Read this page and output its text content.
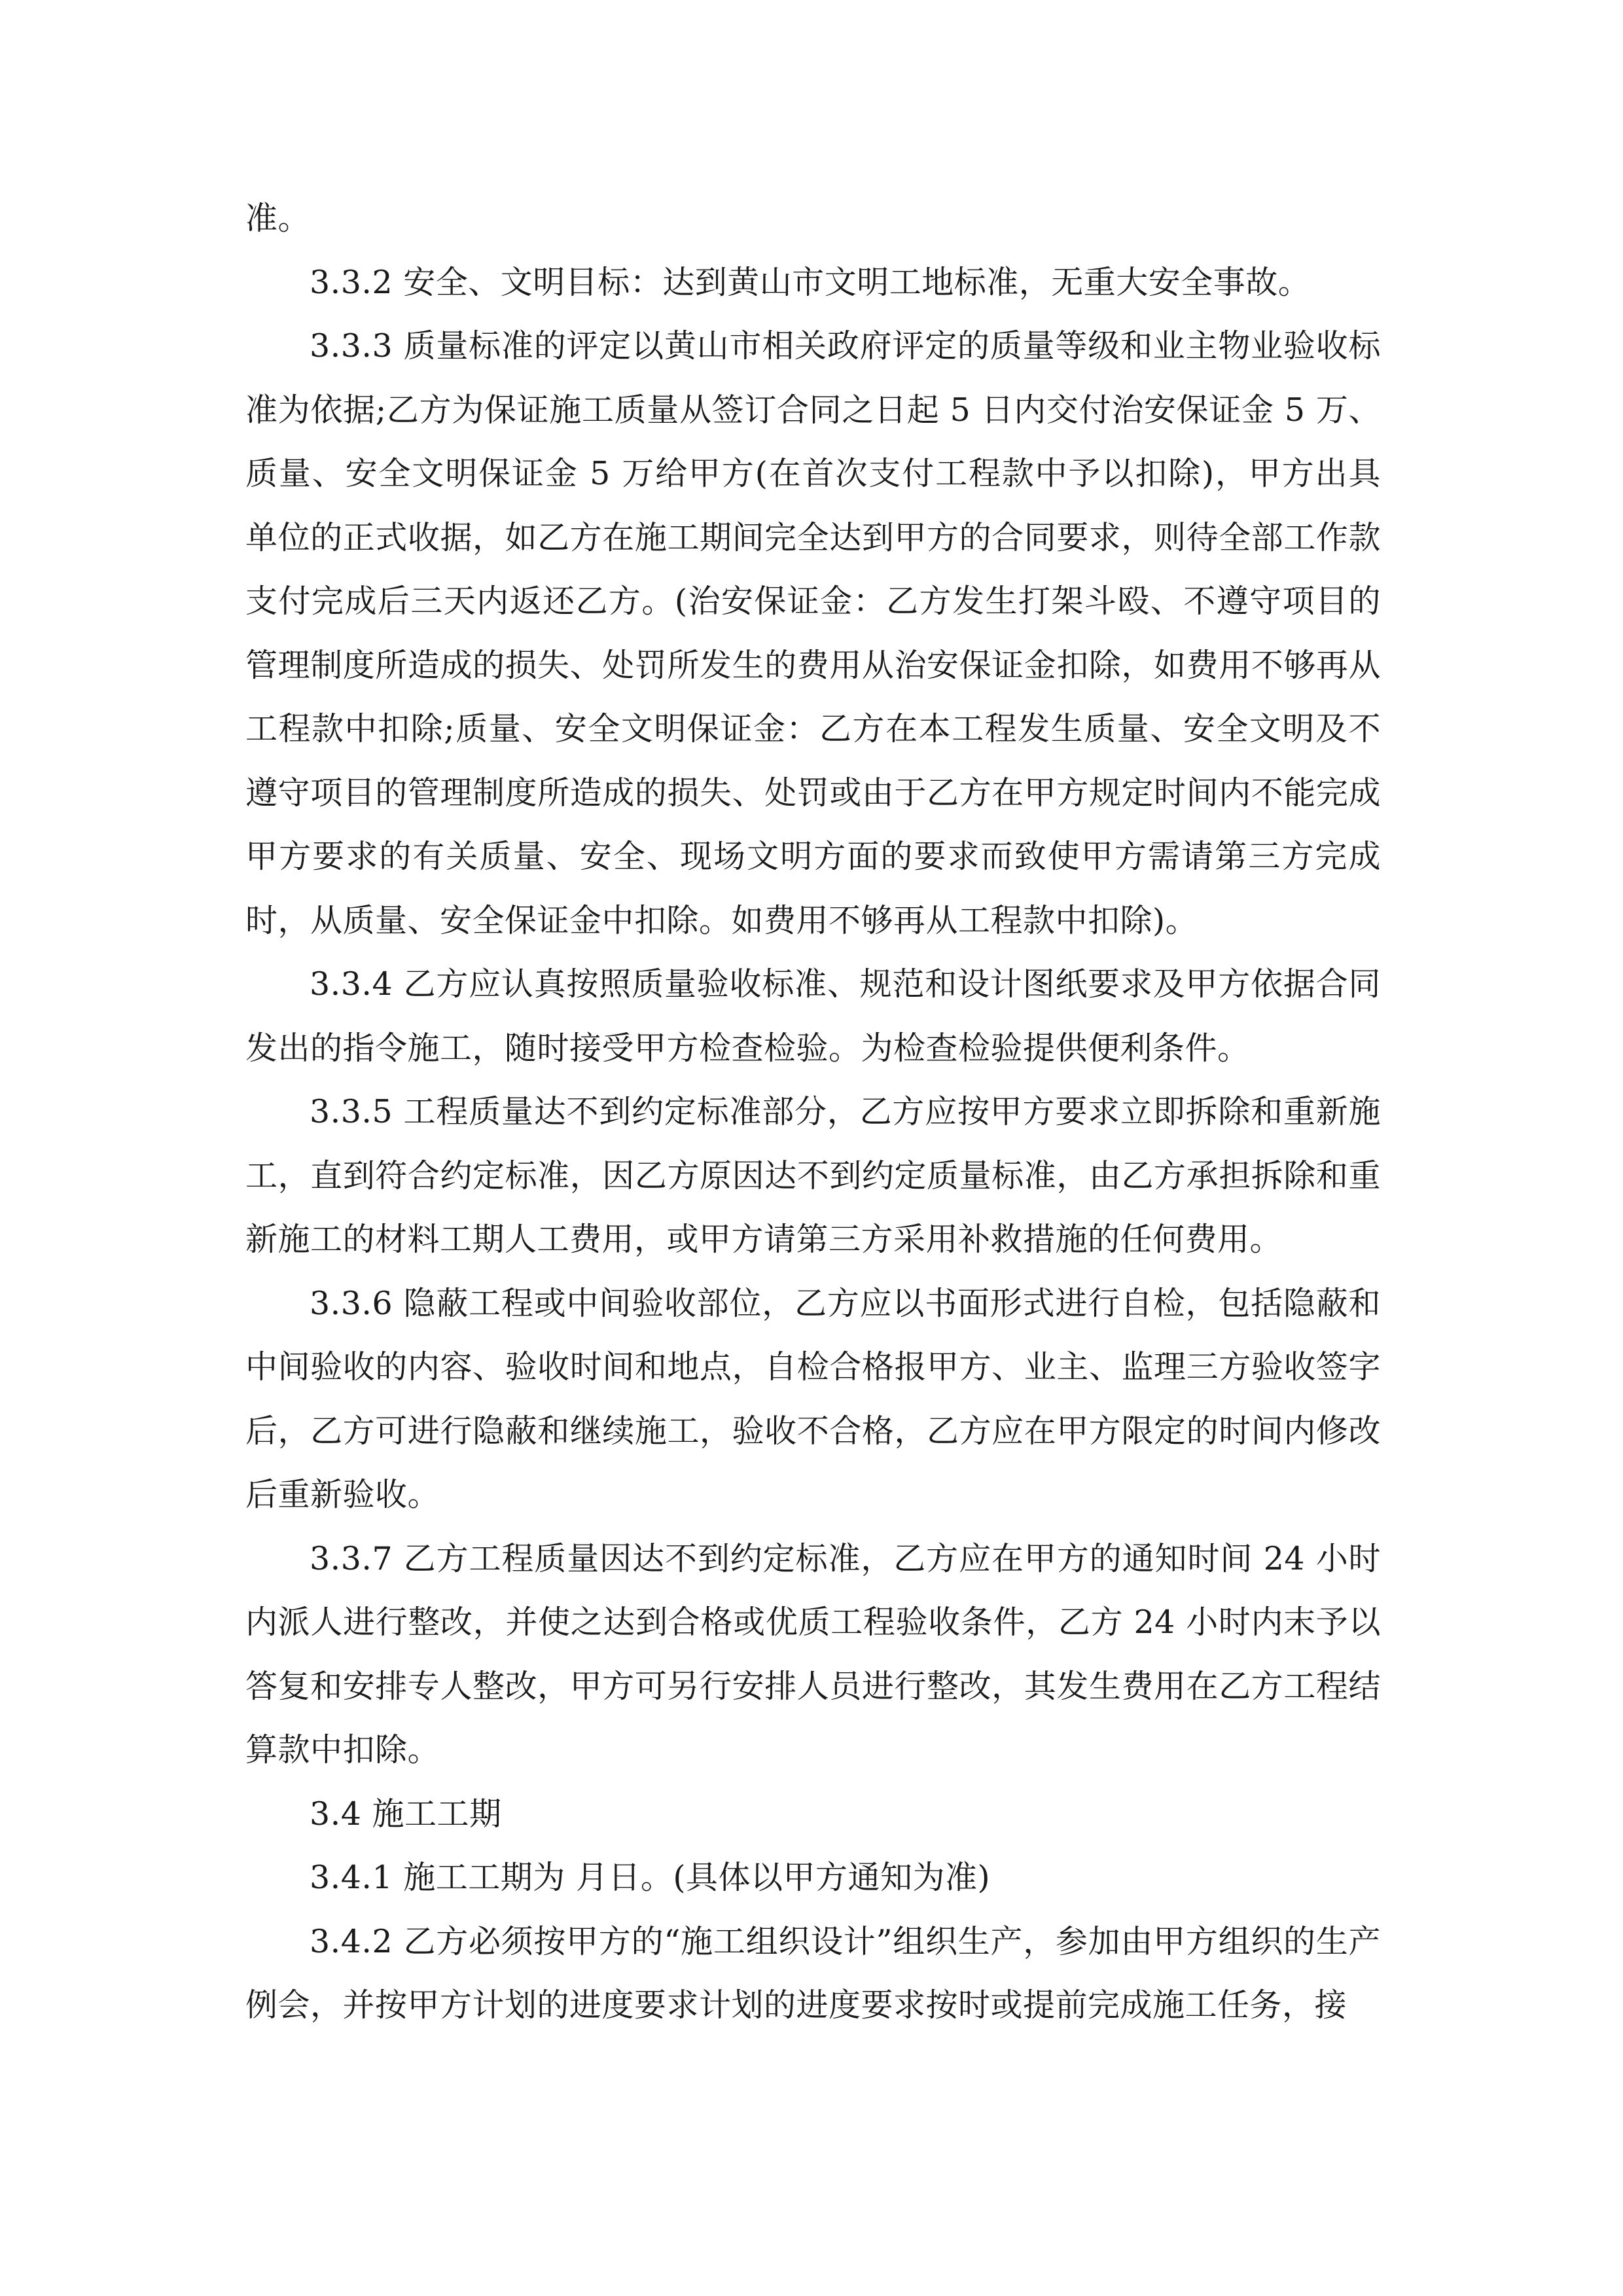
准。

3.3.2 安全、文明目标：达到黄山市文明工地标准，无重大安全事故。

3.3.3 质量标准的评定以黄山市相关政府评定的质量等级和业主物业验收标准为依据;乙方为保证施工质量从签订合同之日起 5 日内交付治安保证金 5 万、质量、安全文明保证金 5 万给甲方(在首次支付工程款中予以扣除)，甲方出具单位的正式收据，如乙方在施工期间完全达到甲方的合同要求，则待全部工作款支付完成后三天内返还乙方。(治安保证金：乙方发生打架斗殴、不遵守项目的管理制度所造成的损失、处罚所发生的费用从治安保证金扣除，如费用不够再从工程款中扣除;质量、安全文明保证金：乙方在本工程发生质量、安全文明及不遵守项目的管理制度所造成的损失、处罚或由于乙方在甲方规定时间内不能完成甲方要求的有关质量、安全、现场文明方面的要求而致使甲方需请第三方完成时，从质量、安全保证金中扣除。如费用不够再从工程款中扣除)。

3.3.4 乙方应认真按照质量验收标准、规范和设计图纸要求及甲方依据合同发出的指令施工，随时接受甲方检查检验。为检查检验提供便利条件。

3.3.5 工程质量达不到约定标准部分，乙方应按甲方要求立即拆除和重新施工，直到符合约定标准，因乙方原因达不到约定质量标准，由乙方承担拆除和重新施工的材料工期人工费用，或甲方请第三方采用补救措施的任何费用。

3.3.6 隐蔽工程或中间验收部位，乙方应以书面形式进行自检，包括隐蔽和中间验收的内容、验收时间和地点，自检合格报甲方、业主、监理三方验收签字后，乙方可进行隐蔽和继续施工，验收不合格，乙方应在甲方限定的时间内修改后重新验收。

3.3.7 乙方工程质量因达不到约定标准，乙方应在甲方的通知时间 24 小时内派人进行整改，并使之达到合格或优质工程验收条件，乙方 24 小时内末予以答复和安排专人整改，甲方可另行安排人员进行整改，其发生费用在乙方工程结算款中扣除。

3.4 施工工期

3.4.1 施工工期为 月日。(具体以甲方通知为准)

3.4.2 乙方必须按甲方的“施工组织设计”组织生产，参加由甲方组织的生产例会，并按甲方计划的进度要求计划的进度要求按时或提前完成施工任务，接
